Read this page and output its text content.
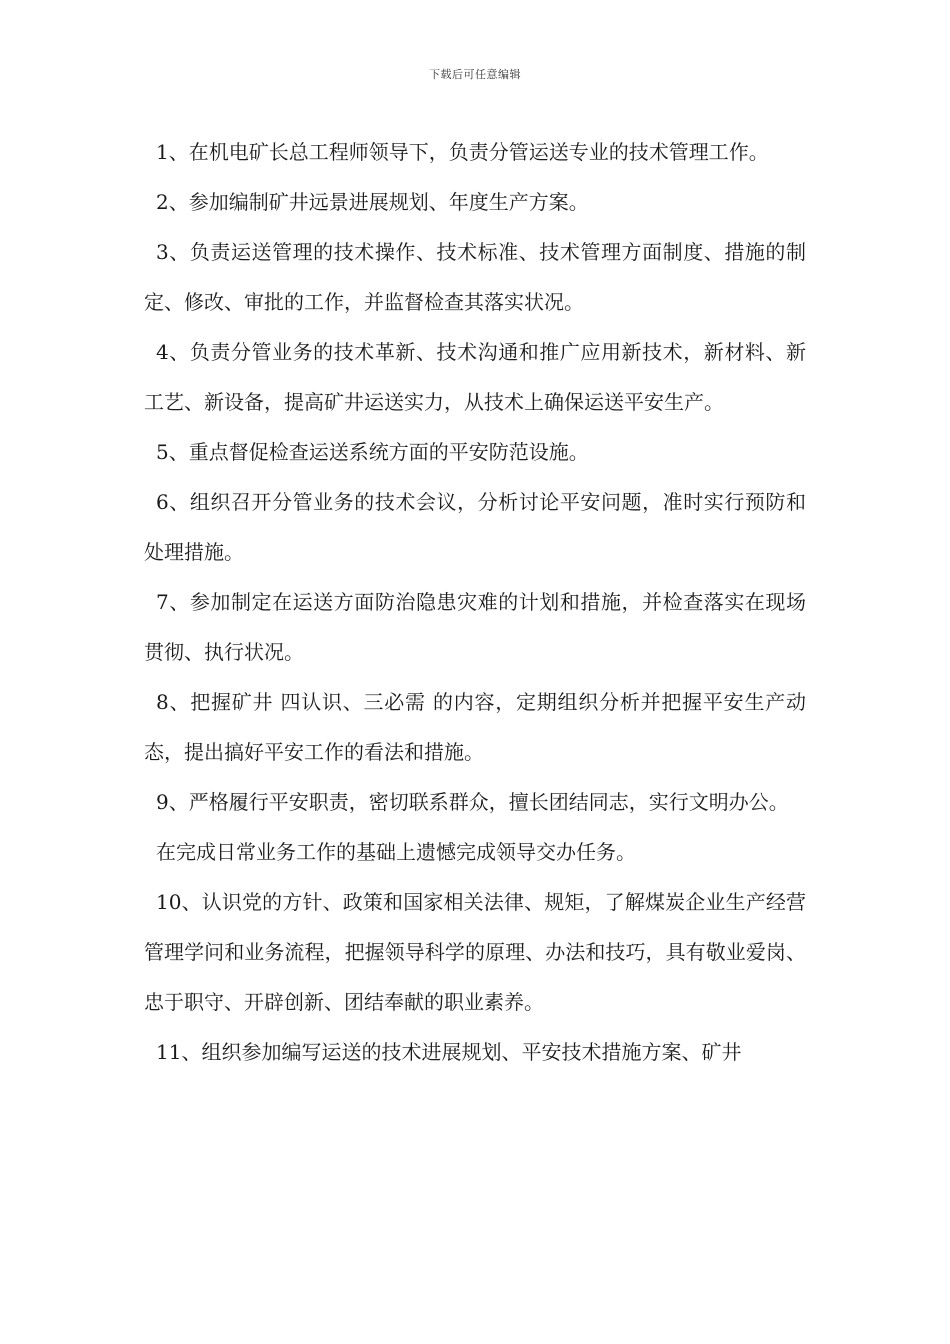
下载后可任意编辑

1、在机电矿长总工程师领导下，负责分管运送专业的技术管理工作。

2、参加编制矿井远景进展规划、年度生产方案。

3、负责运送管理的技术操作、技术标准、技术管理方面制度、措施的制定、修改、审批的工作，并监督检查其落实状况。

4、负责分管业务的技术革新、技术沟通和推广应用新技术，新材料、新工艺、新设备，提高矿井运送实力，从技术上确保运送平安生产。

5、重点督促检查运送系统方面的平安防范设施。

6、组织召开分管业务的技术会议，分析讨论平安问题，准时实行预防和处理措施。

7、参加制定在运送方面防治隐患灾难的计划和措施，并检查落实在现场贯彻、执行状况。

8、把握矿井 四认识、三必需 的内容，定期组织分析并把握平安生产动态，提出搞好平安工作的看法和措施。

9、严格履行平安职责，密切联系群众，擅长团结同志，实行文明办公。

在完成日常业务工作的基础上遗憾完成领导交办任务。

10、认识党的方针、政策和国家相关法律、规矩，了解煤炭企业生产经营管理学问和业务流程，把握领导科学的原理、办法和技巧，具有敬业爱岗、忠于职守、开辟创新、团结奉献的职业素养。

11、组织参加编写运送的技术进展规划、平安技术措施方案、矿井
